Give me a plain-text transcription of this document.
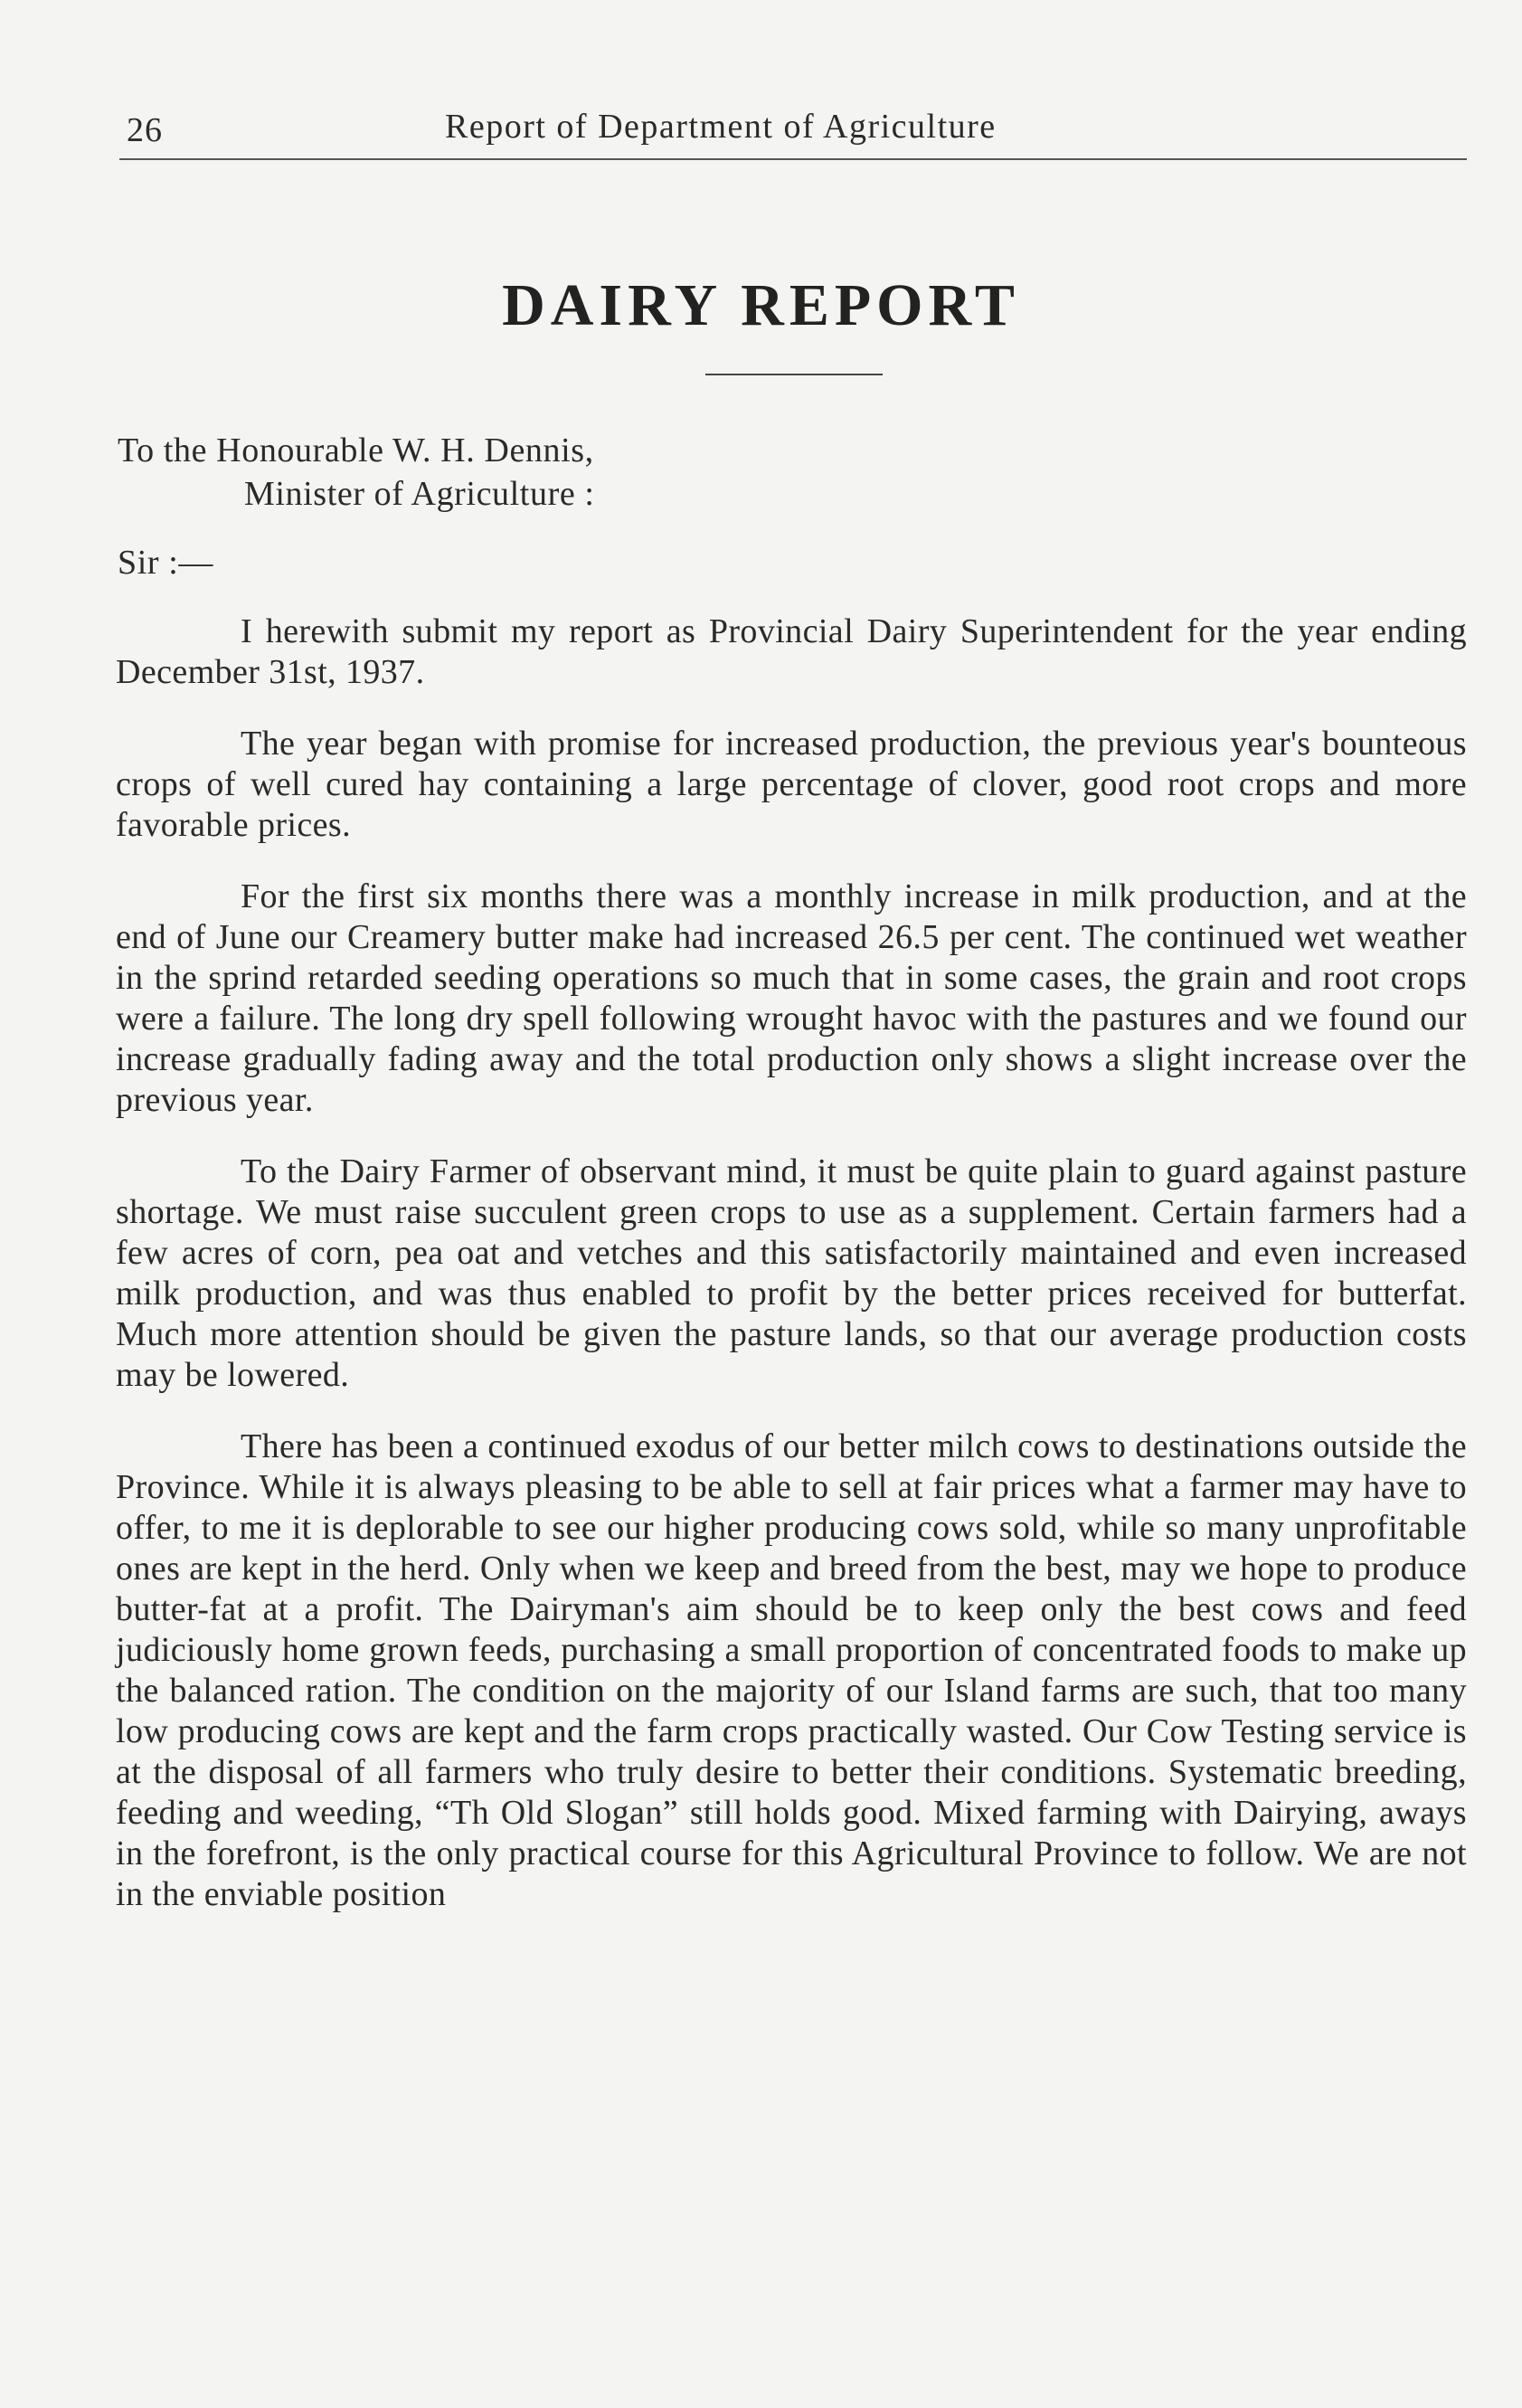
26	Report of Department of Agriculture
DAIRY REPORT
To the Honourable W. H. Dennis,
Minister of Agriculture :
Sir :—

I herewith submit my report as Provincial Dairy Superintendent for the year ending December 31st, 1937.

The year began with promise for increased production, the previous year's bounteous crops of well cured hay containing a large percentage of clover, good root crops and more favorable prices.

For the first six months there was a monthly increase in milk production, and at the end of June our Creamery butter make had increased 26.5 per cent. The continued wet weather in the sprind retarded seeding operations so much that in some cases, the grain and root crops were a failure. The long dry spell following wrought havoc with the pastures and we found our increase gradually fading away and the total production only shows a slight increase over the previous year.

To the Dairy Farmer of observant mind, it must be quite plain to guard against pasture shortage. We must raise succulent green crops to use as a supplement. Certain farmers had a few acres of corn, pea oat and vetches and this satisfactorily maintained and even increased milk production, and was thus enabled to profit by the better prices received for butterfat. Much more attention should be given the pasture lands, so that our average production costs may be lowered.

There has been a continued exodus of our better milch cows to destinations outside the Province. While it is always pleasing to be able to sell at fair prices what a farmer may have to offer, to me it is deplorable to see our higher producing cows sold, while so many unprofitable ones are kept in the herd. Only when we keep and breed from the best, may we hope to produce butter-fat at a profit. The Dairyman's aim should be to keep only the best cows and feed judiciously home grown feeds, purchasing a small proportion of concentrated foods to make up the balanced ration. The condition on the majority of our Island farms are such, that too many low producing cows are kept and the farm crops practically wasted. Our Cow Testing service is at the disposal of all farmers who truly desire to better their conditions. Systematic breeding, feeding and weeding, “Th Old Slogan” still holds good. Mixed farming with Dairying, aways in the forefront, is the only practical course for this Agricultural Province to follow. We are not in the enviable position
